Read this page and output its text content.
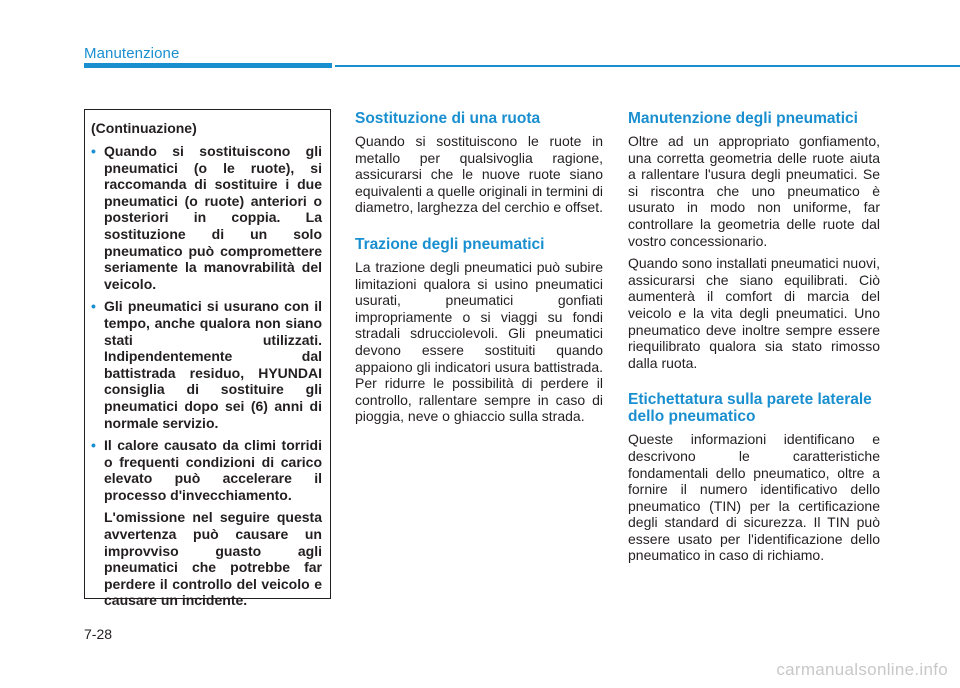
Manutenzione
(Continuazione)
• Quando si sostituiscono gli pneumatici (o le ruote), si raccomanda di sostituire i due pneumatici (o ruote) anteriori o posteriori in coppia. La sostituzione di un solo pneumatico può compromettere seriamente la manovrabilità del veicolo.

• Gli pneumatici si usurano con il tempo, anche qualora non siano stati utilizzati. Indipendentemente dal battistrada residuo, HYUNDAI consiglia di sostituire gli pneumatici dopo sei (6) anni di normale servizio.

• Il calore causato da climi torridi o frequenti condizioni di carico elevato può accelerare il processo d'invecchiamento.

L'omissione nel seguire questa avvertenza può causare un improvviso guasto agli pneumatici che potrebbe far perdere il controllo del veicolo e causare un incidente.

Sostituzione di una ruota

Quando si sostituiscono le ruote in metallo per qualsivoglia ragione, assicurarsi che le nuove ruote siano equivalenti a quelle originali in termini di diametro, larghezza del cerchio e offset.

Trazione degli pneumatici

La trazione degli pneumatici può subire limitazioni qualora si usino pneumatici usurati, pneumatici gonfiati impropriamente o si viaggi su fondi stradali sdrucciolevoli. Gli pneumatici devono essere sostituiti quando appaiono gli indicatori usura battistrada. Per ridurre le possibilità di perdere il controllo, rallentare sempre in caso di pioggia, neve o ghiaccio sulla strada.

Manutenzione degli pneumatici

Oltre ad un appropriato gonfiamento, una corretta geometria delle ruote aiuta a rallentare l'usura degli pneumatici. Se si riscontra che uno pneumatico è usurato in modo non uniforme, far controllare la geometria delle ruote dal vostro concessionario.

Quando sono installati pneumatici nuovi, assicurarsi che siano equilibrati. Ciò aumenterà il comfort di marcia del veicolo e la vita degli pneumatici. Uno pneumatico deve inoltre sempre essere riequilibrato qualora sia stato rimosso dalla ruota.

Etichettatura sulla parete laterale dello pneumatico

Queste informazioni identificano e descrivono le caratteristiche fondamentali dello pneumatico, oltre a fornire il numero identificativo dello pneumatico (TIN) per la certificazione degli standard di sicurezza. Il TIN può essere usato per l'identificazione dello pneumatico in caso di richiamo.

7-28
carmanualsonline.info
